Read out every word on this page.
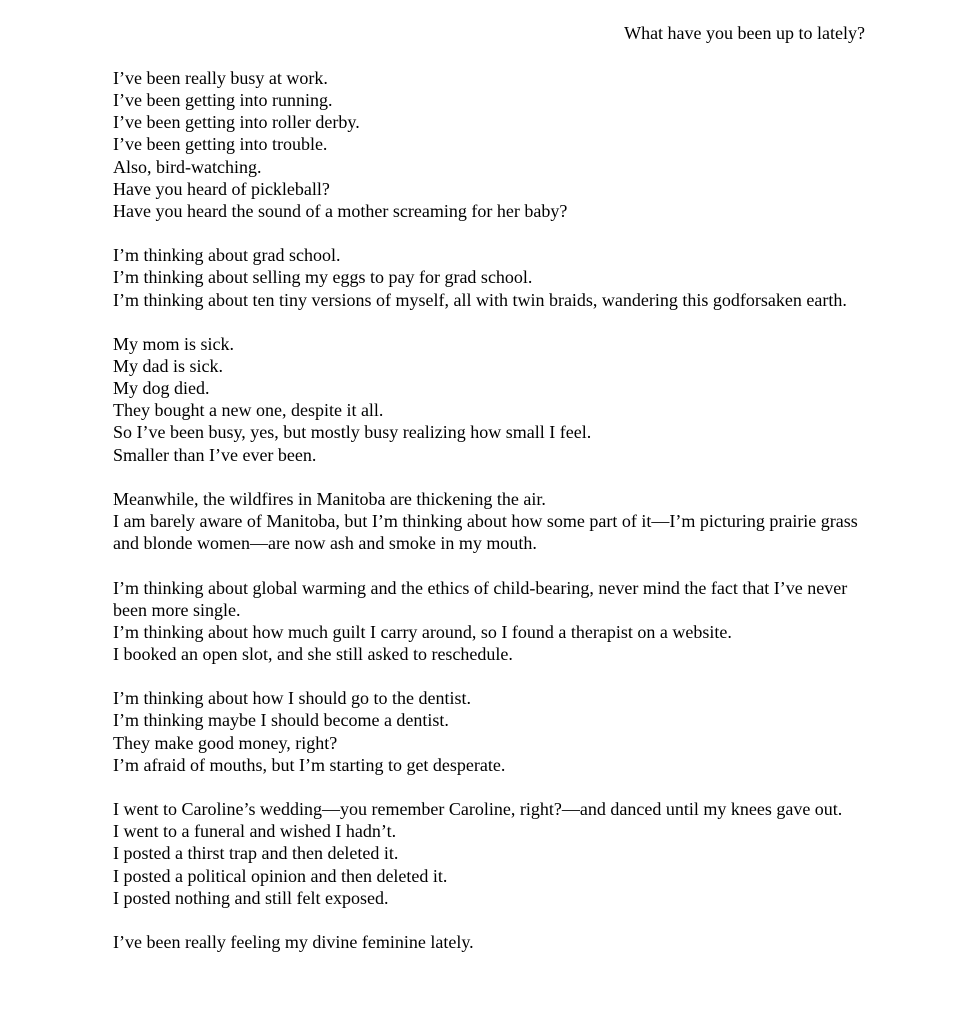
What have you been up to lately?
I’ve been really busy at work.
I’ve been getting into running.
I’ve been getting into roller derby.
I’ve been getting into trouble.
Also, bird-watching.
Have you heard of pickleball?
Have you heard the sound of a mother screaming for her baby?
I’m thinking about grad school.
I’m thinking about selling my eggs to pay for grad school.
I’m thinking about ten tiny versions of myself, all with twin braids, wandering this godforsaken earth.
My mom is sick.
My dad is sick.
My dog died.
They bought a new one, despite it all.
So I’ve been busy, yes, but mostly busy realizing how small I feel.
Smaller than I’ve ever been.
Meanwhile, the wildfires in Manitoba are thickening the air.
I am barely aware of Manitoba, but I’m thinking about how some part of it—I’m picturing prairie grass and blonde women—are now ash and smoke in my mouth.
I’m thinking about global warming and the ethics of child-bearing, never mind the fact that I’ve never been more single.
I’m thinking about how much guilt I carry around, so I found a therapist on a website.
I booked an open slot, and she still asked to reschedule.
I’m thinking about how I should go to the dentist.
I’m thinking maybe I should become a dentist.
They make good money, right?
I’m afraid of mouths, but I’m starting to get desperate.
I went to Caroline’s wedding—you remember Caroline, right?—and danced until my knees gave out.
I went to a funeral and wished I hadn’t.
I posted a thirst trap and then deleted it.
I posted a political opinion and then deleted it.
I posted nothing and still felt exposed.
I’ve been really feeling my divine feminine lately.
